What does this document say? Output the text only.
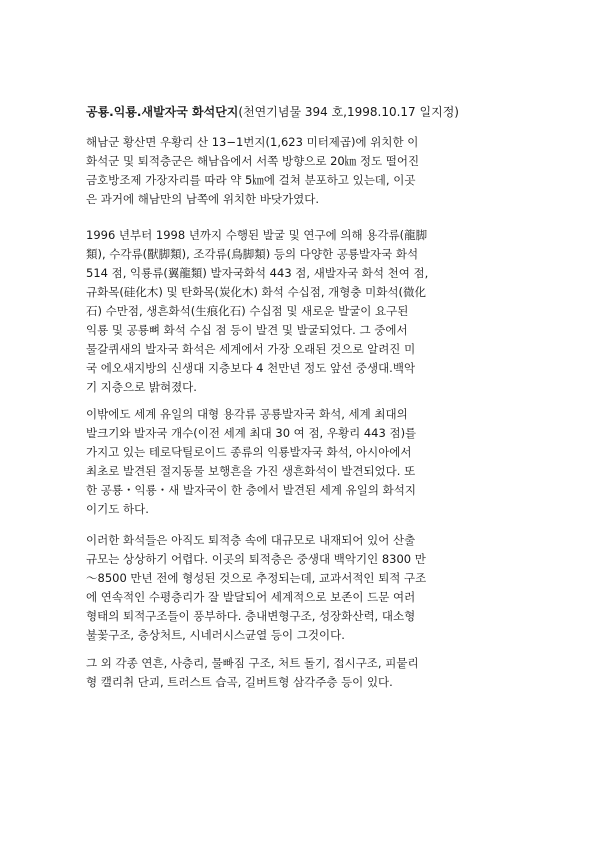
공룡.익룡.새발자국 화석단지(천연기념물 394 호,1998.10.17 일지정)
해남군 황산면 우황리 산 13−1번지(1,623 미터제곱)에 위치한 이
화석군 및 퇴적층군은 해남읍에서 서쪽 방향으로 20㎞ 정도 떨어진
금호방조제 가장자리를 따라 약 5㎞에 걸쳐 분포하고 있는데, 이곳
은 과거에 해남만의 남쪽에 위치한 바닷가였다.
1996 년부터 1998 년까지 수행된 발굴 및 연구에 의해 용각류(龍脚
類), 수각류(獸脚類), 조각류(鳥脚類) 등의 다양한 공룡발자국 화석
514 점, 익룡류(翼龍類) 발자국화석 443 점, 새발자국 화석 천여 점,
규화목(硅化木) 및 탄화목(炭化木) 화석 수십점, 개형충 미화석(微化
石) 수만점, 생흔화석(生痕化石) 수십점 및 새로운 발굴이 요구된
익룡 및 공룡뼈 화석 수십 점 등이 발견 및 발굴되었다. 그 중에서
물갈퀴새의 발자국 화석은 세계에서 가장 오래된 것으로 알려진 미
국 에오새지방의 신생대 지층보다 4 천만년 정도 앞선 중생대.백악
기 지층으로 밝혀졌다.
이밖에도 세계 유일의 대형 용각류 공룡발자국 화석, 세계 최대의
발크기와 발자국 개수(이전 세계 최대 30 여 점, 우황리 443 점)를
가지고 있는 테로닥틸로이드 종류의 익룡발자국 화석, 아시아에서
최초로 발견된 절지동물 보행흔을 가진 생흔화석이 발견되었다. 또
한 공룡・익룡・새 발자국이 한 층에서 발견된 세계 유일의 화석지
이기도 하다.
이러한 화석들은 아직도 퇴적층 속에 대규모로 내재되어 있어 산출
규모는 상상하기 어렵다. 이곳의 퇴적층은 중생대 백악기인 8300 만
～8500 만년 전에 형성된 것으로 추정되는데, 교과서적인 퇴적 구조
에 연속적인 수평층리가 잘 발달되어 세계적으로 보존이 드문 여러
형태의 퇴적구조들이 풍부하다. 층내변형구조, 성장화산력, 대소형
불꽃구조, 층상처트, 시네러시스균열 등이 그것이다.
그 외 각종 연흔, 사층리, 물빠짐 구조, 처트 돌기, 접시구조, 피뭍리
형 캘리취 단괴, 트러스트 습곡, 길버트형 삼각주층 등이 있다.
